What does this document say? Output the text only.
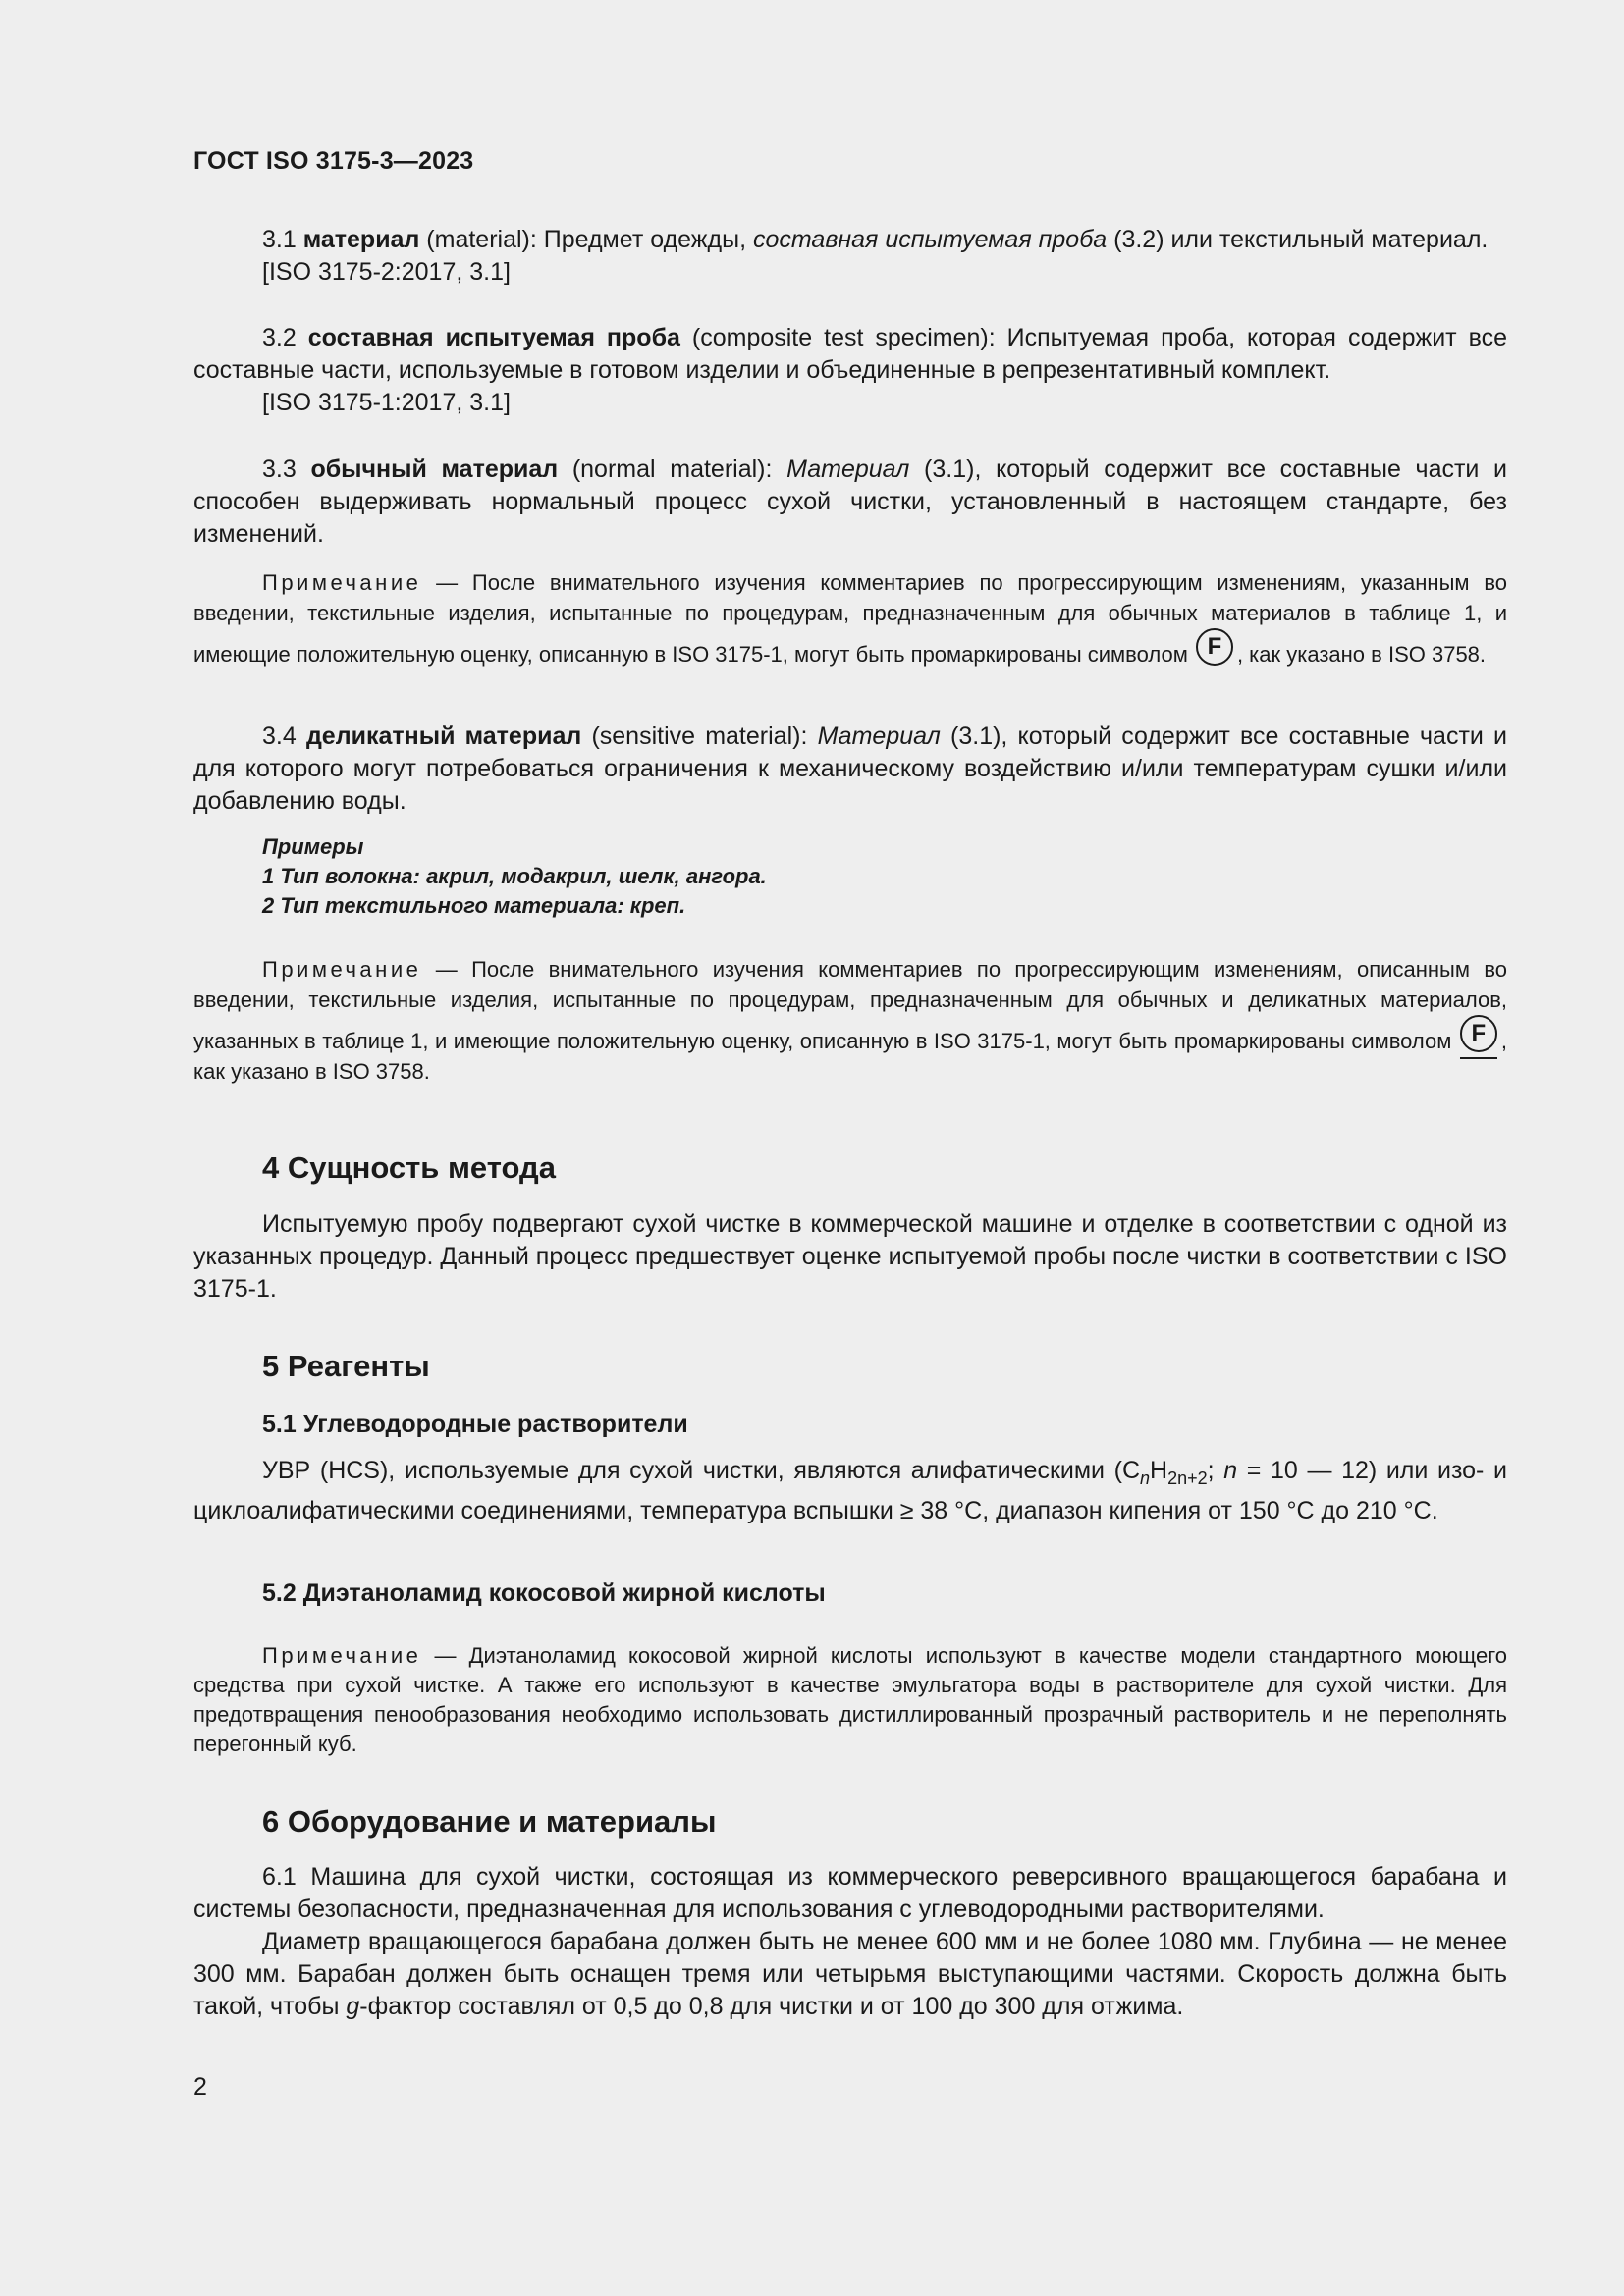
ГОСТ ISO 3175-3—2023

3.1 материал (material): Предмет одежды, составная испытуемая проба (3.2) или текстильный материал.

[ISO 3175-2:2017, 3.1]

3.2 составная испытуемая проба (composite test specimen): Испытуемая проба, которая содержит все составные части, используемые в готовом изделии и объединенные в репрезентативный комплект.

[ISO 3175-1:2017, 3.1]

3.3 обычный материал (normal material): Материал (3.1), который содержит все составные части и способен выдерживать нормальный процесс сухой чистки, установленный в настоящем стандарте, без изменений.

Примечание — После внимательного изучения комментариев по прогрессирующим изменениям, указанным во введении, текстильные изделия, испытанные по процедурам, предназначенным для обычных материалов в таблице 1, и имеющие положительную оценку, описанную в ISO 3175-1, могут быть промаркированы символом F , как указано в ISO 3758.

3.4 деликатный материал (sensitive material): Материал (3.1), который содержит все составные части и для которого могут потребоваться ограничения к механическому воздействию и/или температурам сушки и/или добавлению воды.

Примеры

1 Тип волокна: акрил, модакрил, шелк, ангора.

2 Тип текстильного материала: креп.

Примечание — После внимательного изучения комментариев по прогрессирующим изменениям, описанным во введении, текстильные изделия, испытанные по процедурам, предназначенным для обычных и деликатных материалов, указанных в таблице 1, и имеющие положительную оценку, описанную в ISO 3175-1, могут быть промаркированы символом F , как указано в ISO 3758.

4 Сущность метода

Испытуемую пробу подвергают сухой чистке в коммерческой машине и отделке в соответствии с одной из указанных процедур. Данный процесс предшествует оценке испытуемой пробы после чистки в соответствии с ISO 3175-1.

5 Реагенты
5.1 Углеводородные растворители

УВР (HCS), используемые для сухой чистки, являются алифатическими ($C_nH_{2n+2}$; n = 10 — 12) или изо- и циклоалифатическими соединениями, температура вспышки ≥ 38 °C, диапазон кипения от 150 °C до 210 °C.

5.2 Диэтаноламид кокосовой жирной кислоты

Примечание — Диэтаноламид кокосовой жирной кислоты используют в качестве модели стандартного моющего средства при сухой чистке. А также его используют в качестве эмульгатора воды в растворителе для сухой чистки. Для предотвращения пенообразования необходимо использовать дистиллированный прозрачный растворитель и не переполнять перегонный куб.

6 Оборудование и материалы

6.1 Машина для сухой чистки, состоящая из коммерческого реверсивного вращающегося барабана и системы безопасности, предназначенная для использования с углеводородными растворителями.

Диаметр вращающегося барабана должен быть не менее 600 мм и не более 1080 мм. Глубина — не менее 300 мм. Барабан должен быть оснащен тремя или четырьмя выступающими частями. Скорость должна быть такой, чтобы g-фактор составлял от 0,5 до 0,8 для чистки и от 100 до 300 для отжима.

2
